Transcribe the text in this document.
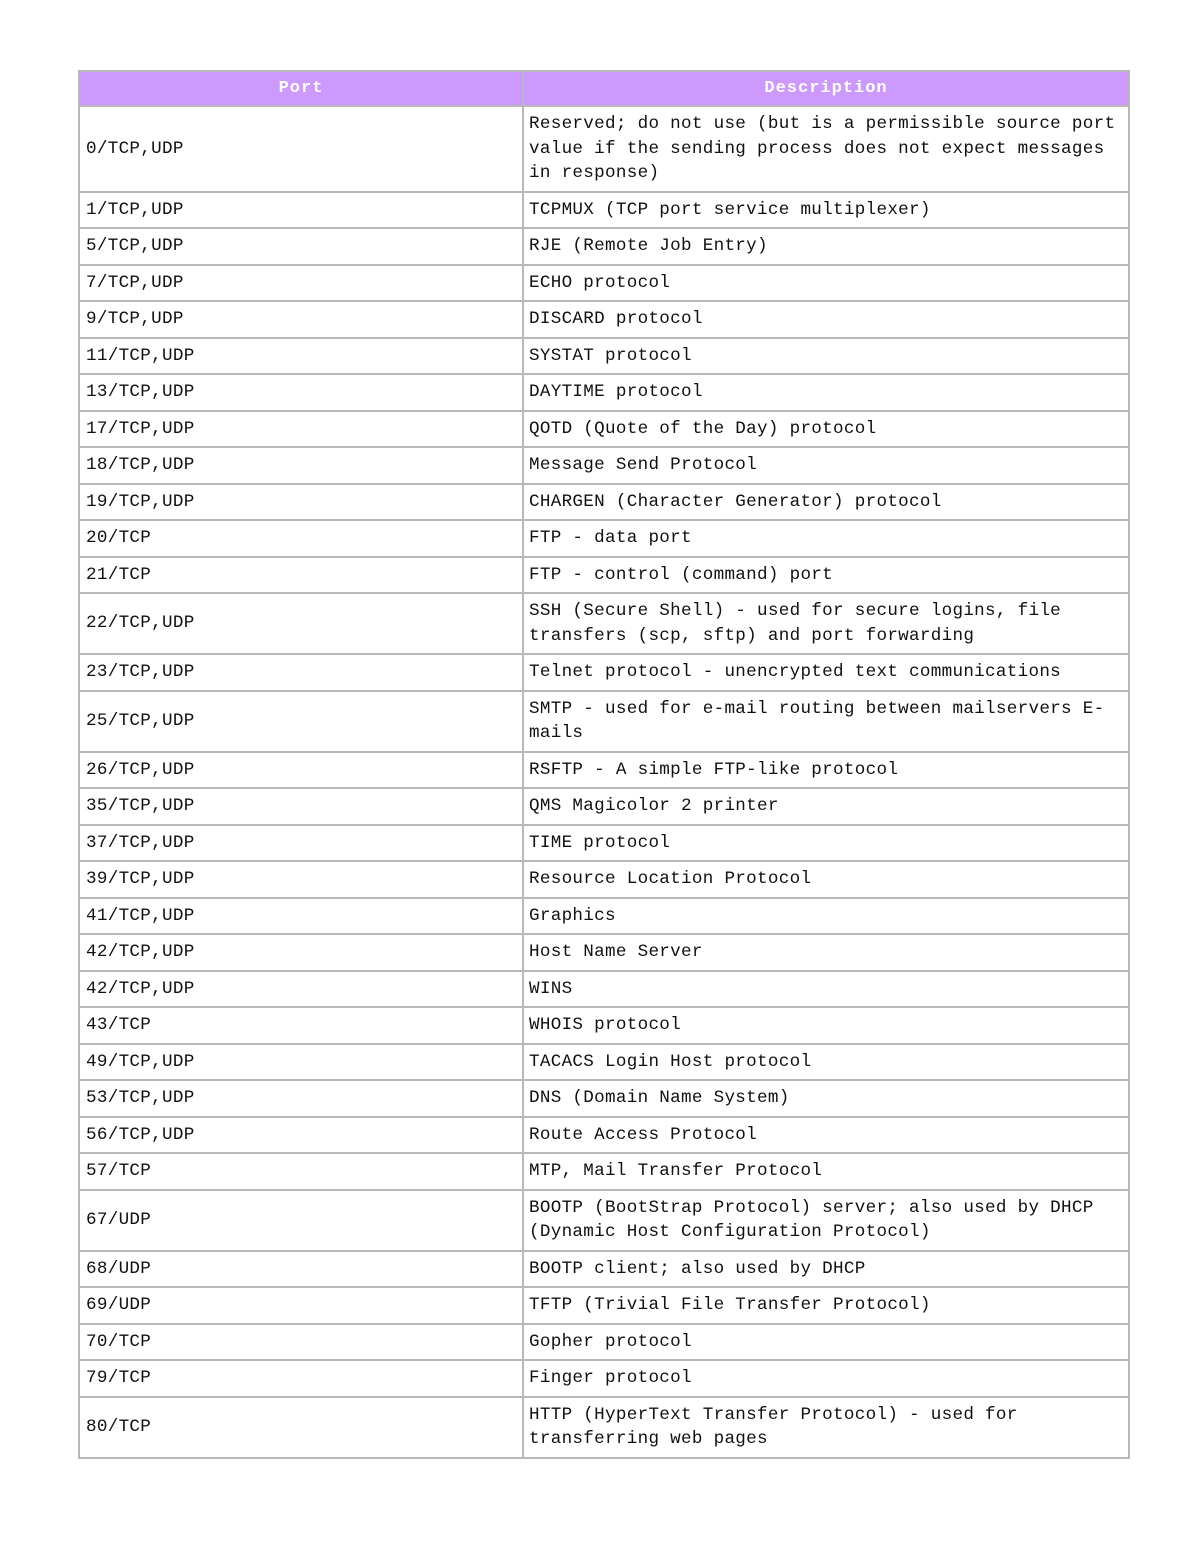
Port	Description
0/TCP,UDP	Reserved; do not use (but is a permissible source port value if the sending process does not expect messages in response)
1/TCP,UDP	TCPMUX (TCP port service multiplexer)
5/TCP,UDP	RJE (Remote Job Entry)
7/TCP,UDP	ECHO protocol
9/TCP,UDP	DISCARD protocol
11/TCP,UDP	SYSTAT protocol
13/TCP,UDP	DAYTIME protocol
17/TCP,UDP	QOTD (Quote of the Day) protocol
18/TCP,UDP	Message Send Protocol
19/TCP,UDP	CHARGEN (Character Generator) protocol
20/TCP	FTP - data port
21/TCP	FTP - control (command) port
22/TCP,UDP	SSH (Secure Shell) - used for secure logins, file transfers (scp, sftp) and port forwarding
23/TCP,UDP	Telnet protocol - unencrypted text communications
25/TCP,UDP	SMTP - used for e-mail routing between mailservers E-mails
26/TCP,UDP	RSFTP - A simple FTP-like protocol
35/TCP,UDP	QMS Magicolor 2 printer
37/TCP,UDP	TIME protocol
39/TCP,UDP	Resource Location Protocol
41/TCP,UDP	Graphics
42/TCP,UDP	Host Name Server
42/TCP,UDP	WINS
43/TCP	WHOIS protocol
49/TCP,UDP	TACACS Login Host protocol
53/TCP,UDP	DNS (Domain Name System)
56/TCP,UDP	Route Access Protocol
57/TCP	MTP, Mail Transfer Protocol
67/UDP	BOOTP (BootStrap Protocol) server; also used by DHCP (Dynamic Host Configuration Protocol)
68/UDP	BOOTP client; also used by DHCP
69/UDP	TFTP (Trivial File Transfer Protocol)
70/TCP	Gopher protocol
79/TCP	Finger protocol
80/TCP	HTTP (HyperText Transfer Protocol) - used for transferring web pages
